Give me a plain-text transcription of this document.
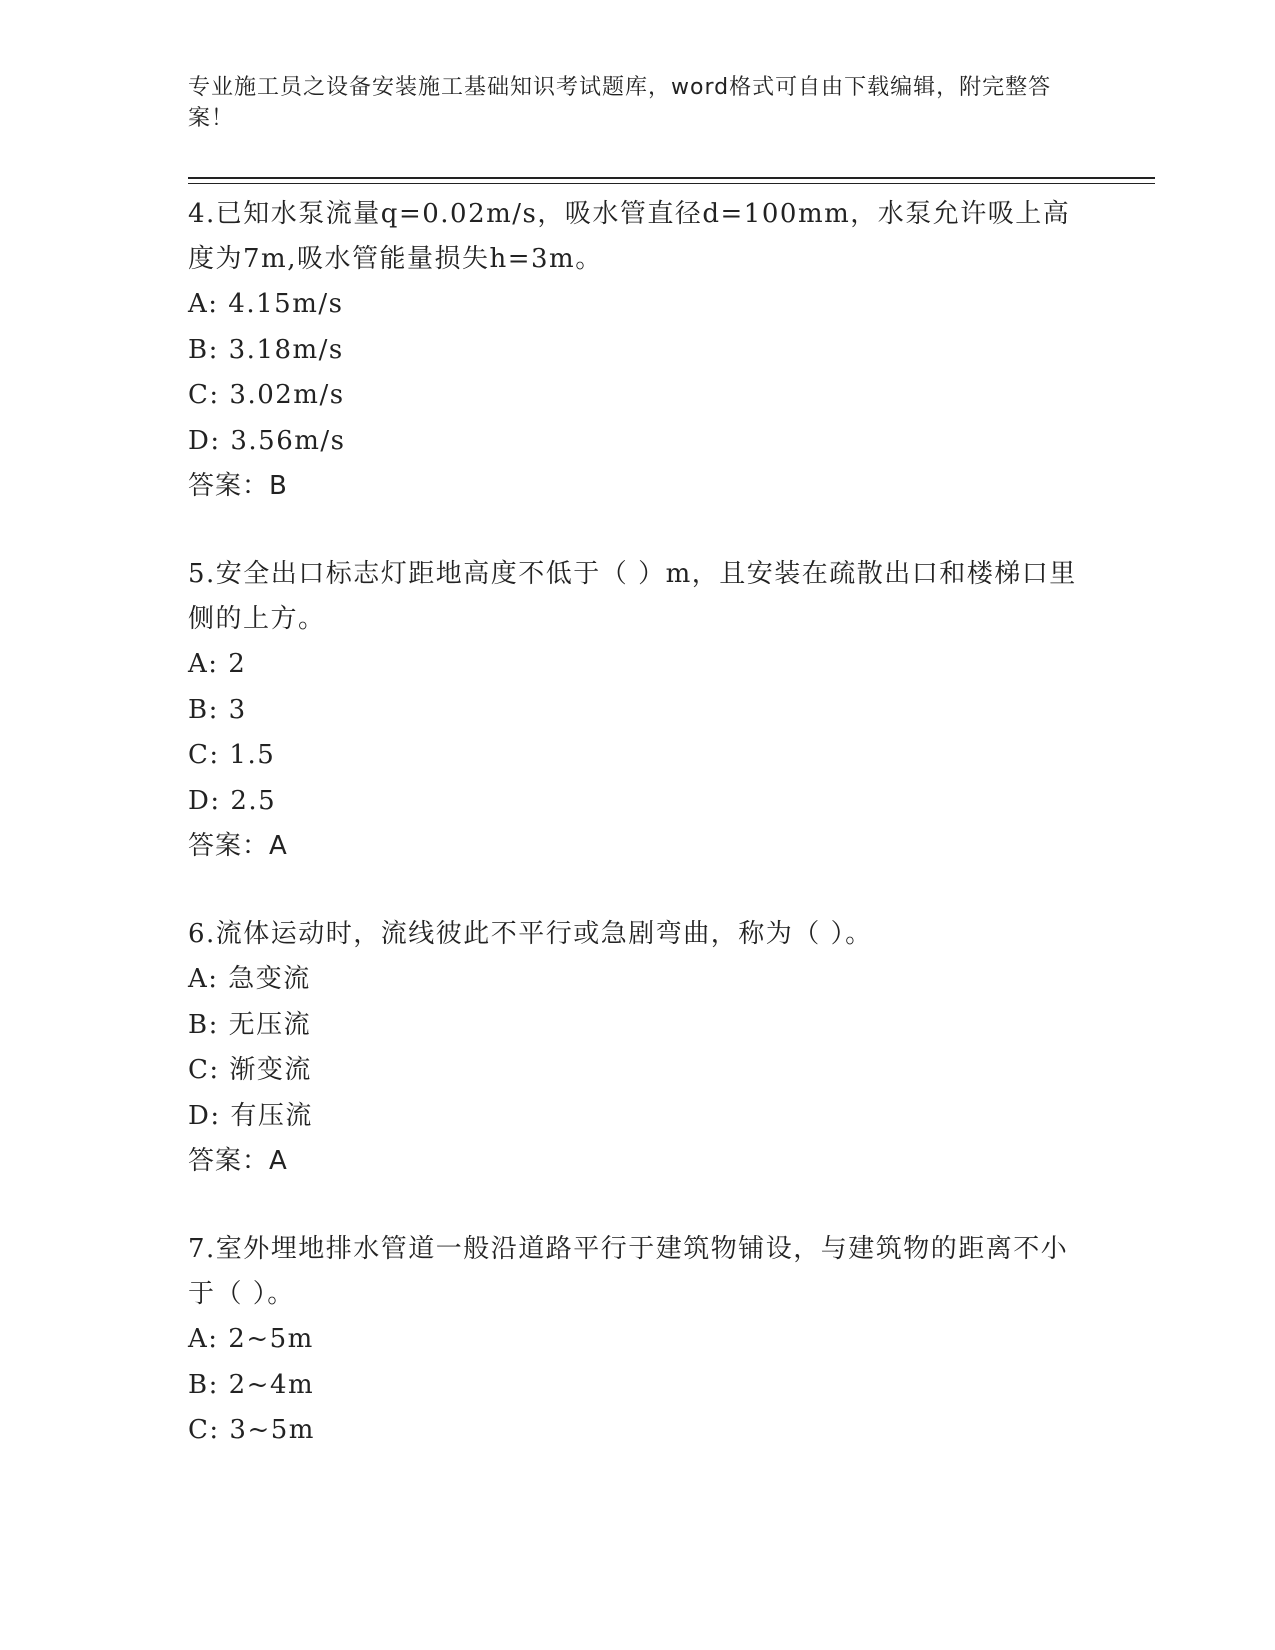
专业施工员之设备安装施工基础知识考试题库，word格式可自由下载编辑，附完整答案！

4.已知水泵流量q=0.02m/s，吸水管直径d=100mm，水泵允许吸上高度为7m,吸水管能量损失h=3m。

A: 4.15m/s
B: 3.18m/s
C: 3.02m/s
D: 3.56m/s
答案：B

5.安全出口标志灯距地高度不低于（ ）m，且安装在疏散出口和楼梯口里侧的上方。

A: 2
B: 3
C: 1.5
D: 2.5
答案：A

6.流体运动时，流线彼此不平行或急剧弯曲，称为（ ）。

A: 急变流
B: 无压流
C: 渐变流
D: 有压流
答案：A

7.室外埋地排水管道一般沿道路平行于建筑物铺设，与建筑物的距离不小于（ ）。

A: 2~5m
B: 2~4m
C: 3~5m
